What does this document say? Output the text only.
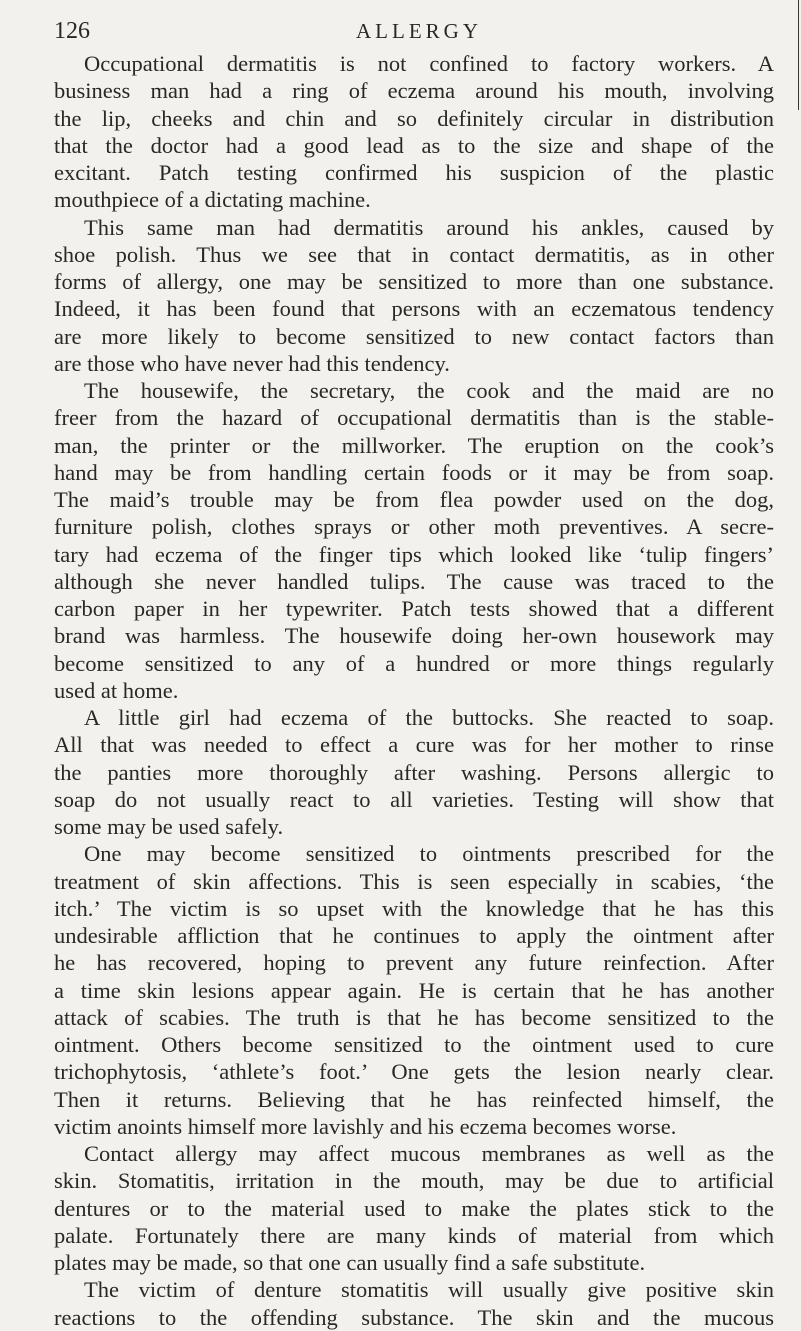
126	ALLERGY
Occupational dermatitis is not confined to factory workers. A
business man had a ring of eczema around his mouth, involving
the lip, cheeks and chin and so definitely circular in distribution
that the doctor had a good lead as to the size and shape of the
excitant. Patch testing confirmed his suspicion of the plastic
mouthpiece of a dictating machine.
This same man had dermatitis around his ankles, caused by
shoe polish. Thus we see that in contact dermatitis, as in other
forms of allergy, one may be sensitized to more than one substance.
Indeed, it has been found that persons with an eczematous tendency
are more likely to become sensitized to new contact factors than
are those who have never had this tendency.
The housewife, the secretary, the cook and the maid are no
freer from the hazard of occupational dermatitis than is the stable-
man, the printer or the millworker. The eruption on the cook’s
hand may be from handling certain foods or it may be from soap.
The maid’s trouble may be from flea powder used on the dog,
furniture polish, clothes sprays or other moth preventives. A secre-
tary had eczema of the finger tips which looked like ‘tulip fingers’
although she never handled tulips. The cause was traced to the
carbon paper in her typewriter. Patch tests showed that a different
brand was harmless. The housewife doing her-own housework may
become sensitized to any of a hundred or more things regularly
used at home.
A little girl had eczema of the buttocks. She reacted to soap.
All that was needed to effect a cure was for her mother to rinse
the panties more thoroughly after washing. Persons allergic to
soap do not usually react to all varieties. Testing will show that
some may be used safely.
One may become sensitized to ointments prescribed for the
treatment of skin affections. This is seen especially in scabies, ‘the
itch.’ The victim is so upset with the knowledge that he has this
undesirable affliction that he continues to apply the ointment after
he has recovered, hoping to prevent any future reinfection. After
a time skin lesions appear again. He is certain that he has another
attack of scabies. The truth is that he has become sensitized to the
ointment. Others become sensitized to the ointment used to cure
trichophytosis, ‘athlete’s foot.’ One gets the lesion nearly clear.
Then it returns. Believing that he has reinfected himself, the
victim anoints himself more lavishly and his eczema becomes worse.
Contact allergy may affect mucous membranes as well as the
skin. Stomatitis, irritation in the mouth, may be due to artificial
dentures or to the material used to make the plates stick to the
palate. Fortunately there are many kinds of material from which
plates may be made, so that one can usually find a safe substitute.
The victim of denture stomatitis will usually give positive skin
reactions to the offending substance. The skin and the mucous
